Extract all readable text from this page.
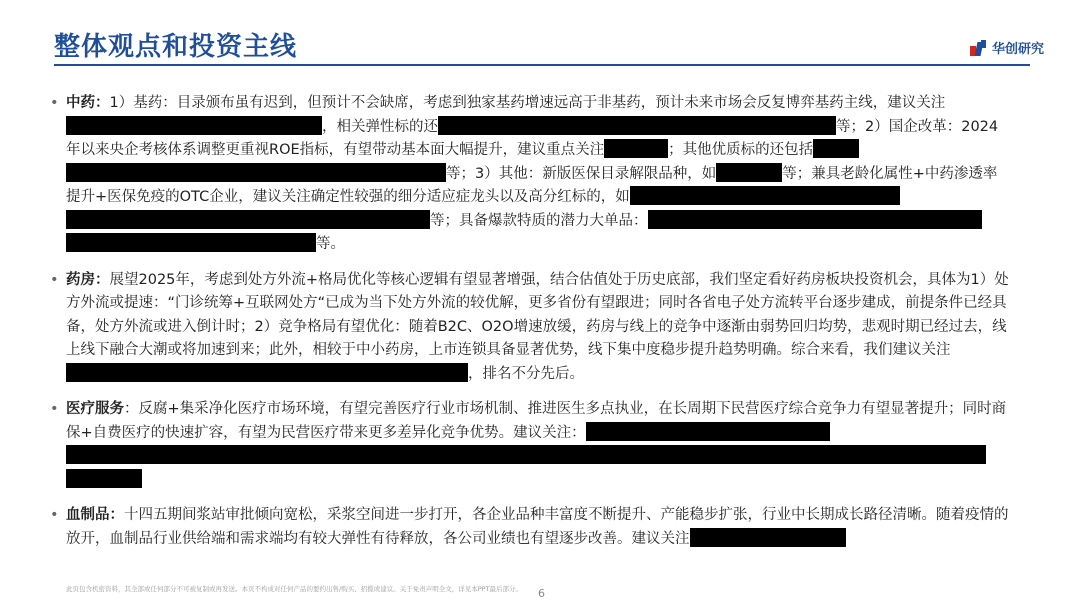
整体观点和投资主线	华创研究
• 中药：1）基药：目录颁布虽有迟到，但预计不会缺席，考虑到独家基药增速远高于非基药，预计未来市场会反复博弈基药主线，建议关注，相关弹性标的还	等；2）国企改革：2024年以来央企考核体系调整更重视ROE指标，有望带动基本面大幅提升，建议重点关注	；其他优质标的还包括等；3）其他：新版医保目录解限品种，如	等；兼具老龄化属性+中药渗透率提升+医保免疫的OTC企业，建议关注确定性较强的细分适应症龙头以及高分红标的，如等；具备爆款特质的潜力大单品：等。
• 药房：展望2025年，考虑到处方外流+格局优化等核心逻辑有望显著增强，结合估值处于历史底部，我们坚定看好药房板块投资机会，具体为1）处方外流或提速：“门诊统筹+互联网处方“已成为当下处方外流的较优解，更多省份有望跟进；同时各省电子处方流转平台逐步建成，前提条件已经具备，处方外流或进入倒计时；2）竞争格局有望优化：随着B2C、O2O增速放缓，药房与线上的竞争中逐渐由弱势回归均势，悲观时期已经过去，线上线下融合大潮或将加速到来；此外，相较于中小药房，上市连锁具备显著优势，线下集中度稳步提升趋势明确。综合来看，我们建议关注，排名不分先后。
• 医疗服务：反腐+集采净化医疗市场环境，有望完善医疗行业市场机制、推进医生多点执业，在长周期下民营医疗综合竞争力有望显著提升；同时商保+自费医疗的快速扩容，有望为民营医疗带来更多差异化竞争优势。建议关注：
• 血制品：十四五期间浆站审批倾向宽松，采浆空间进一步打开，各企业品种丰富度不断提升、产能稳步扩张，行业中长期成长路径清晰。随着疫情的放开，血制品行业供给端和需求端均有较大弹性有待释放，各公司业绩也有望逐步改善。建议关注
此页包含机密资料，其全部或任何部分不可被复制或再发送。本页不构成对任何产品的要约出售/购买、招揽或建议。关于免责声明全文，详见本PPT最后部分。 6
